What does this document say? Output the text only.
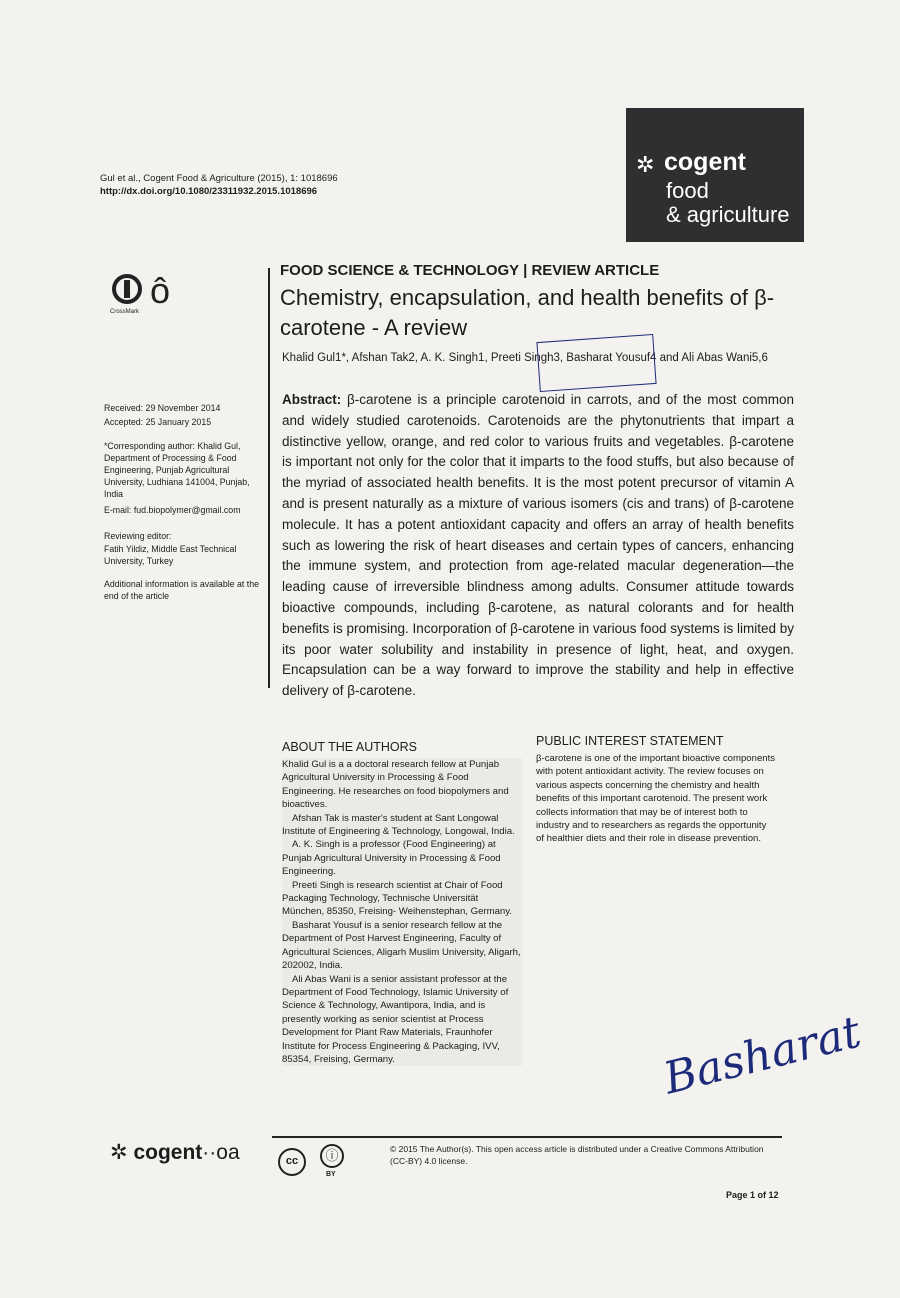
Gul et al., Cogent Food & Agriculture (2015), 1: 1018696
http://dx.doi.org/10.1080/23311932.2015.1018696
✲ cogent
food
& agriculture
CrossMark
ô	FOOD SCIENCE & TECHNOLOGY | REVIEW ARTICLE
Chemistry, encapsulation, and health benefits of β-carotene - A review
Khalid Gul1*, Afshan Tak2, A. K. Singh1, Preeti Singh3, Basharat Yousuf4 and Ali Abas Wani5,6
Abstract: β-carotene is a principle carotenoid in carrots, and of the most common and widely studied carotenoids. Carotenoids are the phytonutrients that impart a distinctive yellow, orange, and red color to various fruits and vegetables. β-carotene is important not only for the color that it imparts to the food stuffs, but also because of the myriad of associated health benefits. It is the most potent precursor of vitamin A and is present naturally as a mixture of various isomers (cis and trans) of β-carotene molecule. It has a potent antioxidant capacity and offers an array of health benefits such as lowering the risk of heart diseases and certain types of cancers, enhancing the immune system, and protection from age-related macular degeneration—the leading cause of irreversible blindness among adults. Consumer attitude towards bioactive compounds, including β-carotene, as natural colorants and for health benefits is promising. Incorporation of β-carotene in various food systems is limited by its poor water solubility and instability in presence of light, heat, and oxygen. Encapsulation can be a way forward to improve the stability and help in effective delivery of β-carotene.
Received: 29 November 2014
Accepted: 25 January 2015
*Corresponding author: Khalid Gul, Department of Processing & Food Engineering, Punjab Agricultural University, Ludhiana 141004, Punjab, India
E-mail: fud.biopolymer@gmail.com
Reviewing editor:
Fatih Yildiz, Middle East Technical University, Turkey
Additional information is available at the end of the article
ABOUT THE AUTHORS

Khalid Gul is a a doctoral research fellow at Punjab Agricultural University in Processing & Food Engineering. He researches on food biopolymers and bioactives.

Afshan Tak is master's student at Sant Longowal Institute of Engineering & Technology, Longowal, India.

A. K. Singh is a professor (Food Engineering) at Punjab Agricultural University in Processing & Food Engineering.

Preeti Singh is research scientist at Chair of Food Packaging Technology, Technische Universität München, 85350, Freising- Weihenstephan, Germany.

Basharat Yousuf is a senior research fellow at the Department of Post Harvest Engineering, Faculty of Agricultural Sciences, Aligarh Muslim University, Aligarh, 202002, India.

Ali Abas Wani is a senior assistant professor at the Department of Food Technology, Islamic University of Science & Technology, Awantipora, India, and is presently working as senior scientist at Process Development for Plant Raw Materials, Fraunhofer Institute for Process Engineering & Packaging, IVV, 85354, Freising, Germany.

PUBLIC INTEREST STATEMENT
β-carotene is one of the important bioactive components with potent antioxidant activity. The review focuses on various aspects concerning the chemistry and health benefits of this important carotenoid. The present work collects information that may be of interest both to industry and to researchers as regards the opportunity of healthier diets and their role in disease prevention.
Basharat
✲ cogent··oa	cc	ⓘ
BY
© 2015 The Author(s). This open access article is distributed under a Creative Commons Attribution (CC-BY) 4.0 license.
Page 1 of 12
